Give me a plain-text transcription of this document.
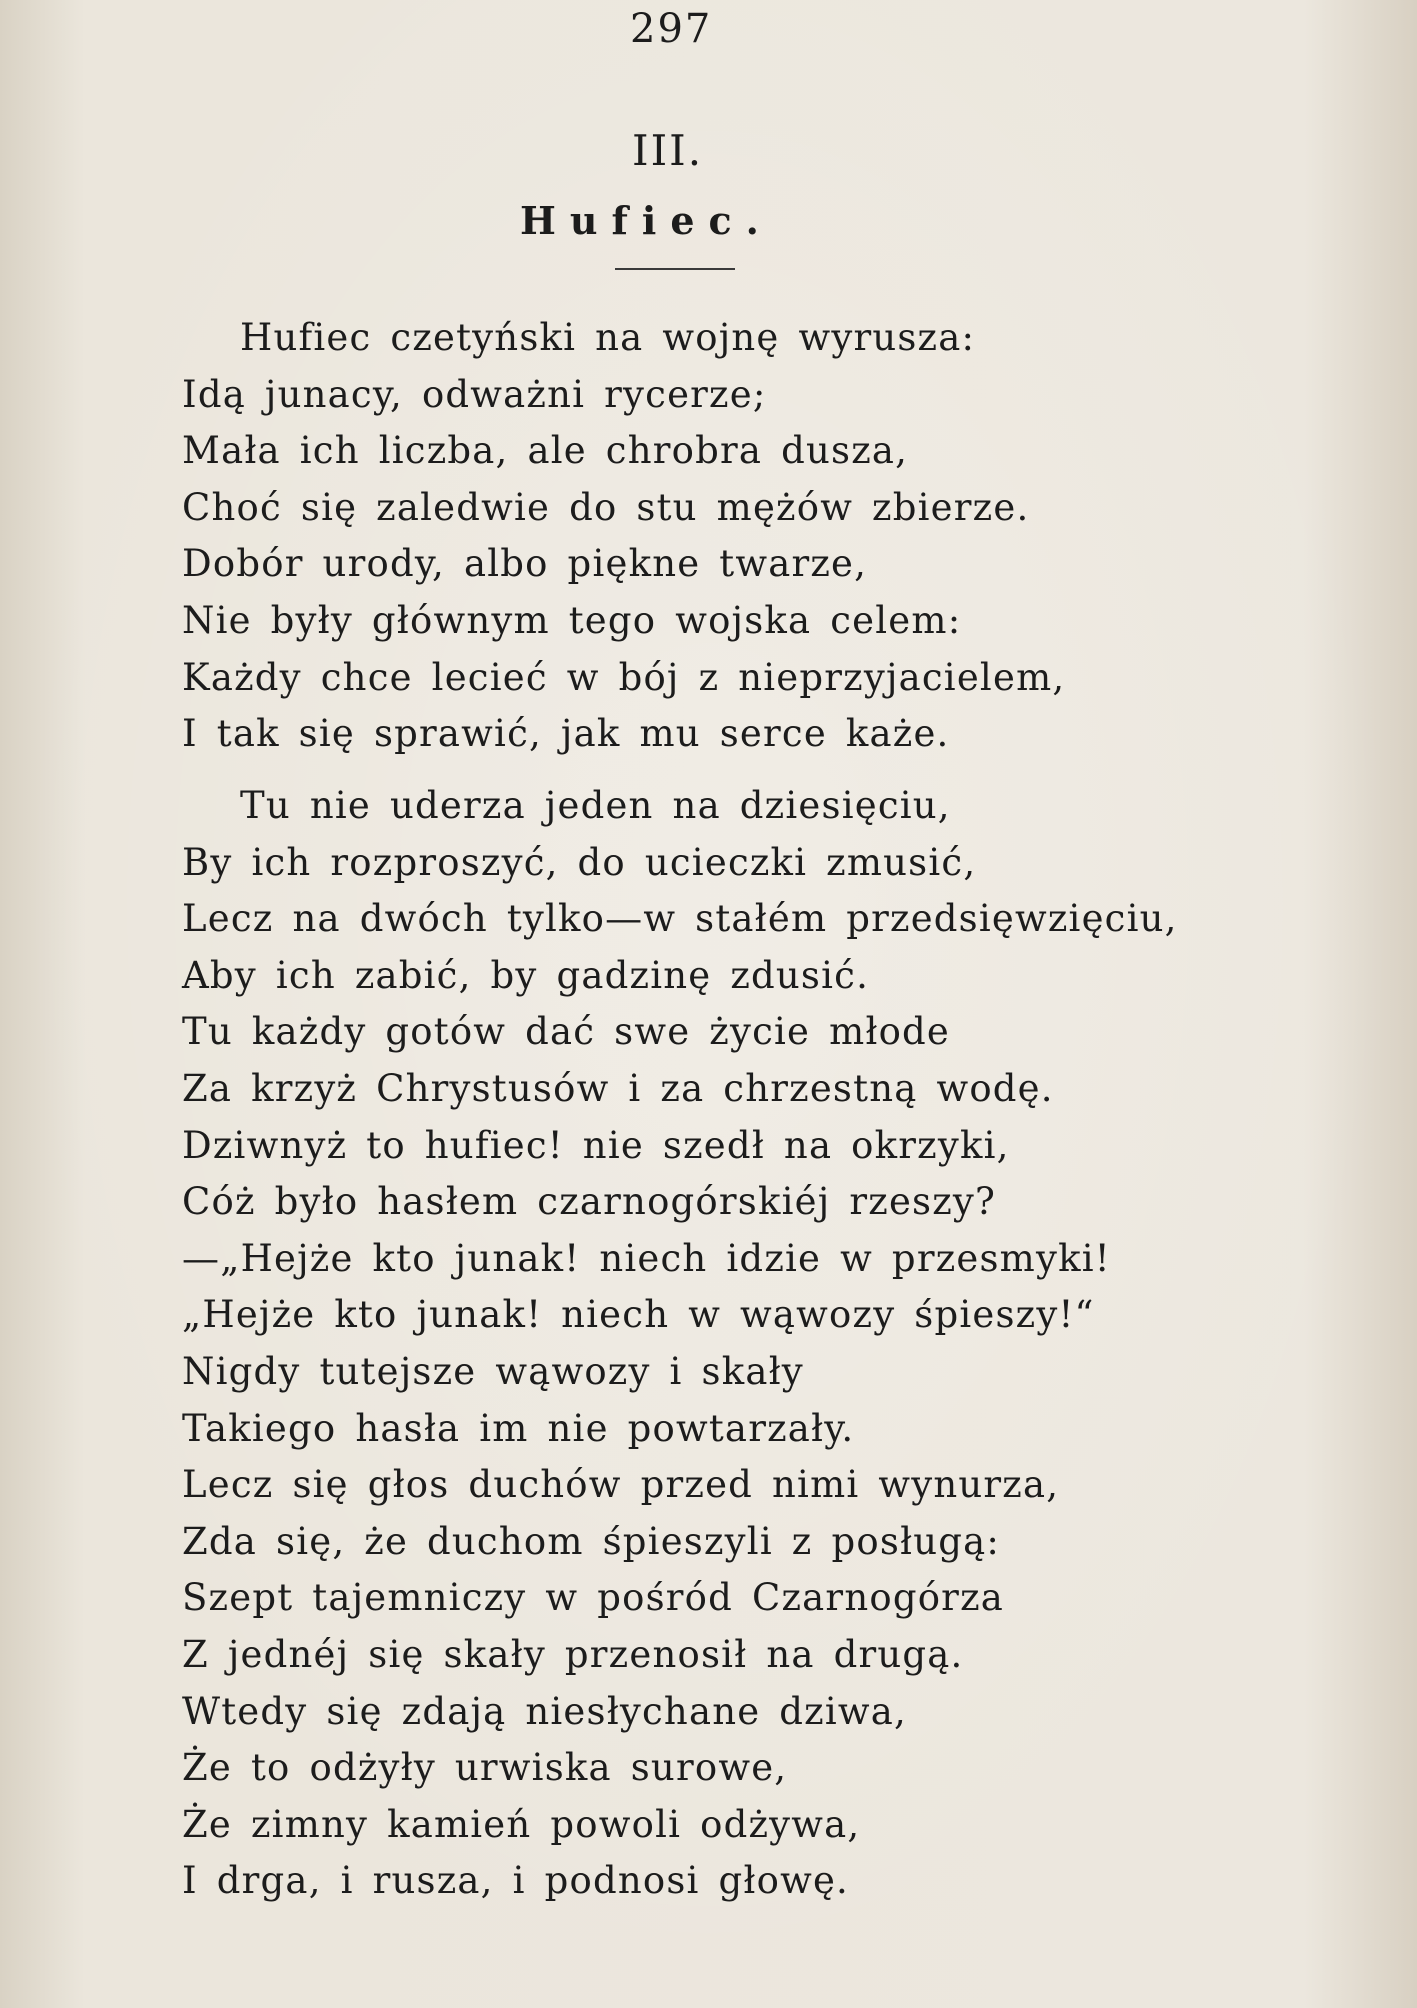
297
III.
Hufiec.
Hufiec czetyński na wojnę wyrusza:
Idą junacy, odważni rycerze;
Mała ich liczba, ale chrobra dusza,
Choć się zaledwie do stu mężów zbierze.
Dobór urody, albo piękne twarze,
Nie były głównym tego wojska celem:
Każdy chce lecieć w bój z nieprzyjacielem,
I tak się sprawić, jak mu serce każe.
Tu nie uderza jeden na dziesięciu,
By ich rozproszyć, do ucieczki zmusić,
Lecz na dwóch tylko—w stałém przedsięwzięciu,
Aby ich zabić, by gadzinę zdusić.
Tu każdy gotów dać swe życie młode
Za krzyż Chrystusów i za chrzestną wodę.
Dziwnyż to hufiec! nie szedł na okrzyki,
Cóż było hasłem czarnogórskiéj rzeszy?
—„Hejże kto junak! niech idzie w przesmyki!
„Hejże kto junak! niech w wąwozy śpieszy!“
Nigdy tutejsze wąwozy i skały
Takiego hasła im nie powtarzały.
Lecz się głos duchów przed nimi wynurza,
Zda się, że duchom śpieszyli z posługą:
Szept tajemniczy w pośród Czarnogórza
Z jednéj się skały przenosił na drugą.
Wtedy się zdają niesłychane dziwa,
Że to odżyły urwiska surowe,
Że zimny kamień powoli odżywa,
I drga, i rusza, i podnosi głowę.
